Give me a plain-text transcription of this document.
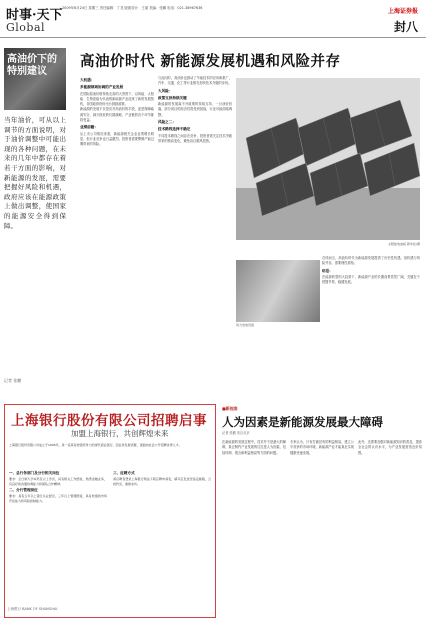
时事·天下
Global
2009年6月24日 星期三 责任编辑：丁龙 版面设计：王丽 美编：张鹏 电话：021-38967636	上海证券报
封八
高油价下的特别建议
当年油价，可从以上调节的方面说明，对于油价调整中可能出现的各种问题，在未来的几年中都存在着若干方面的影响，对新能源的发展，需要把握好风险和机遇，政府应该在能源政策上做出调整，使国家的能源安全得到保障。
记者 张鹏
高油价时代 新能源发展机遇和风险并存
大机遇：
多能源领域协调的产业发展

在国际原油价格持续走高的大背景下，以风能、太阳能、生物质能为代表的新能源产业迎来了新的发展契机，各国政府纷纷出台鼓励政策。

新能源的发展不仅是应对高油价的手段，更是保障能源安全、减少排放的长期战略，产业链的各个环节都将受益。

业绩前瞻：

从上市公司情况来看，新能源相关企业业绩增长明显，但行业竞争也日益激烈，投资者需要警惕产能过剩带来的风险。

与此同时，高油价也推动了节能技术的应用和推广，汽车、交通、化工等行业都在加快技术升级的步伐。

大风险：
政策支持持续关键

新能源的发展离不开政策的持续支持，一旦油价回落，部分项目的经济性将受到挑战，行业可能面临调整。

风险之二：
技术路线选择不确定

不同技术路线之间存在竞争，投资者需关注技术突破带来的格局变化，避免盲目跟风投资。

太阳能电池板 新华社/图

总体而言，高油价时代为新能源发展提供了历史性机遇，但机遇与风险并存，需要理性看待。

结语：

在能源转型的大趋势下，新能源产业的长期前景依然广阔，关键在于把握节奏，稳健发展。

风力发电设备
上海银行股份有限公司招聘启事
加盟上海银行，共创辉煌未来
上海银行股份有限公司成立于1995年，是一家具有较强竞争力的现代商业银行。因业务发展需要，现面向社会公开招聘优秀人才。
一、总行各部门及分行相关岗位

要求：全日制大学本科及以上学历，具有相关工作经验，熟悉金融业务，有良好的沟通协调能力和团队合作精神。

二、分行管理岗位

要求：具有五年以上银行从业经历，三年以上管理经验，具有较强的市场开拓能力和风险控制能力。

三、应聘方式

请应聘者登录上海银行网站下载应聘申请表，填写后发送至指定邮箱，合则约见，谢绝来访。

上海银行 BANK OF SHANGHAI
■新视角
人为因素是新能源发展最大障碍
记者 张鹏 发自北京
在新能源的发展过程中，技术并不是最大的障碍，真正制约产业发展的往往是人为因素，包括体制、观念和利益格局等方面的问题。
专家认为，只有打破旧有的利益格局，建立公平竞争的市场环境，新能源产业才能真正实现健康快速发展。
此外，还需要加强对新能源知识的普及，提高全社会的认识水平，为产业发展营造良好氛围。
